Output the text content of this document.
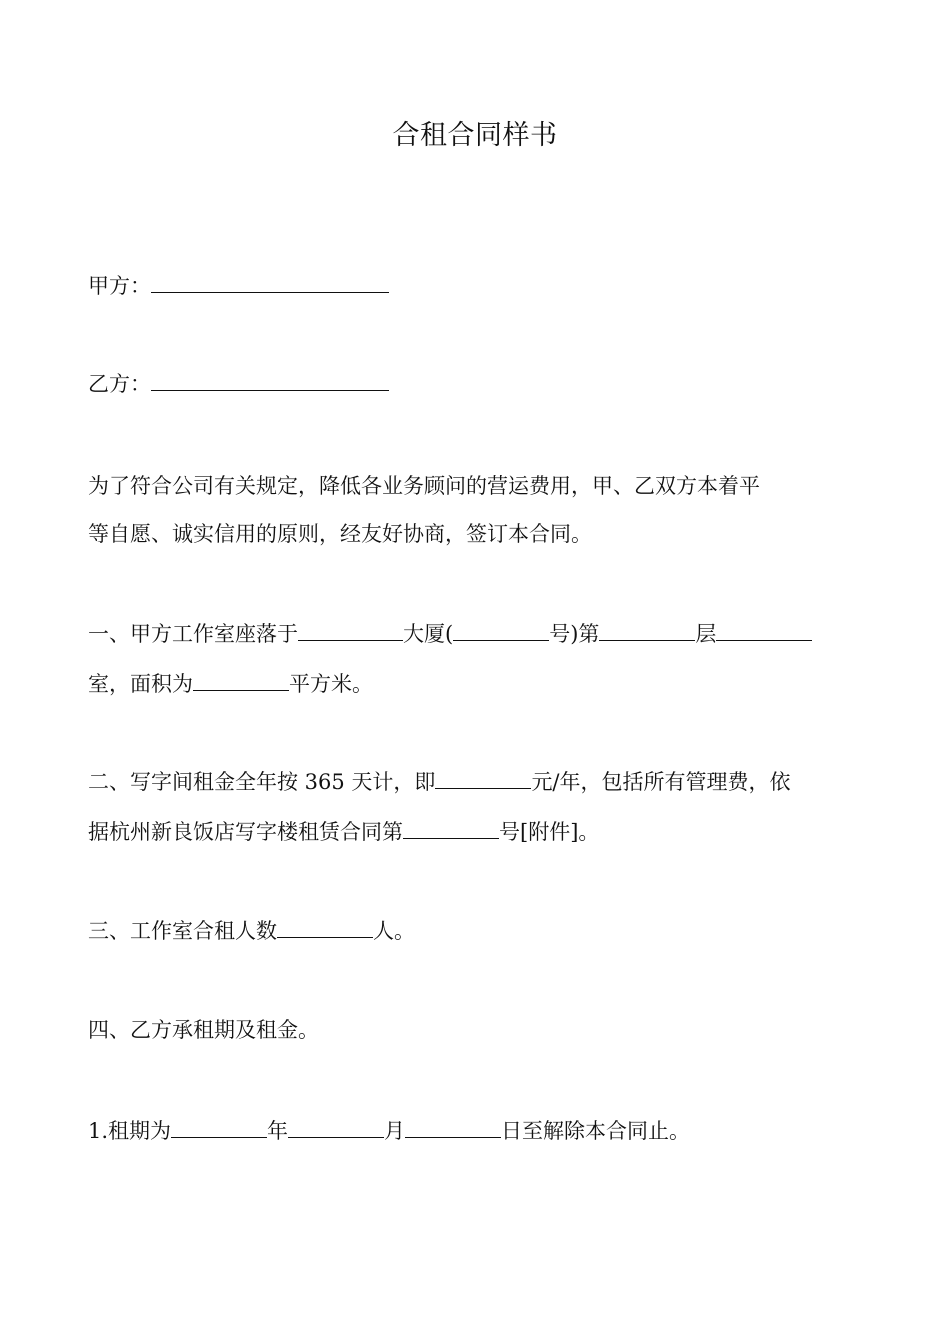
合租合同样书

甲方：

乙方：

为了符合公司有关规定，降低各业务顾问的营运费用，甲、乙双方本着平

等自愿、诚实信用的原则，经友好协商，签订本合同。

一、甲方工作室座落于	大厦(	号)第	层

室，面积为	平方米。

二、写字间租金全年按 365 天计，即	元/年，包括所有管理费，依

据杭州新良饭店写字楼租赁合同第	号[附件]。

三、工作室合租人数	人。

四、乙方承租期及租金。

1.租期为	年	月	日至解除本合同止。
